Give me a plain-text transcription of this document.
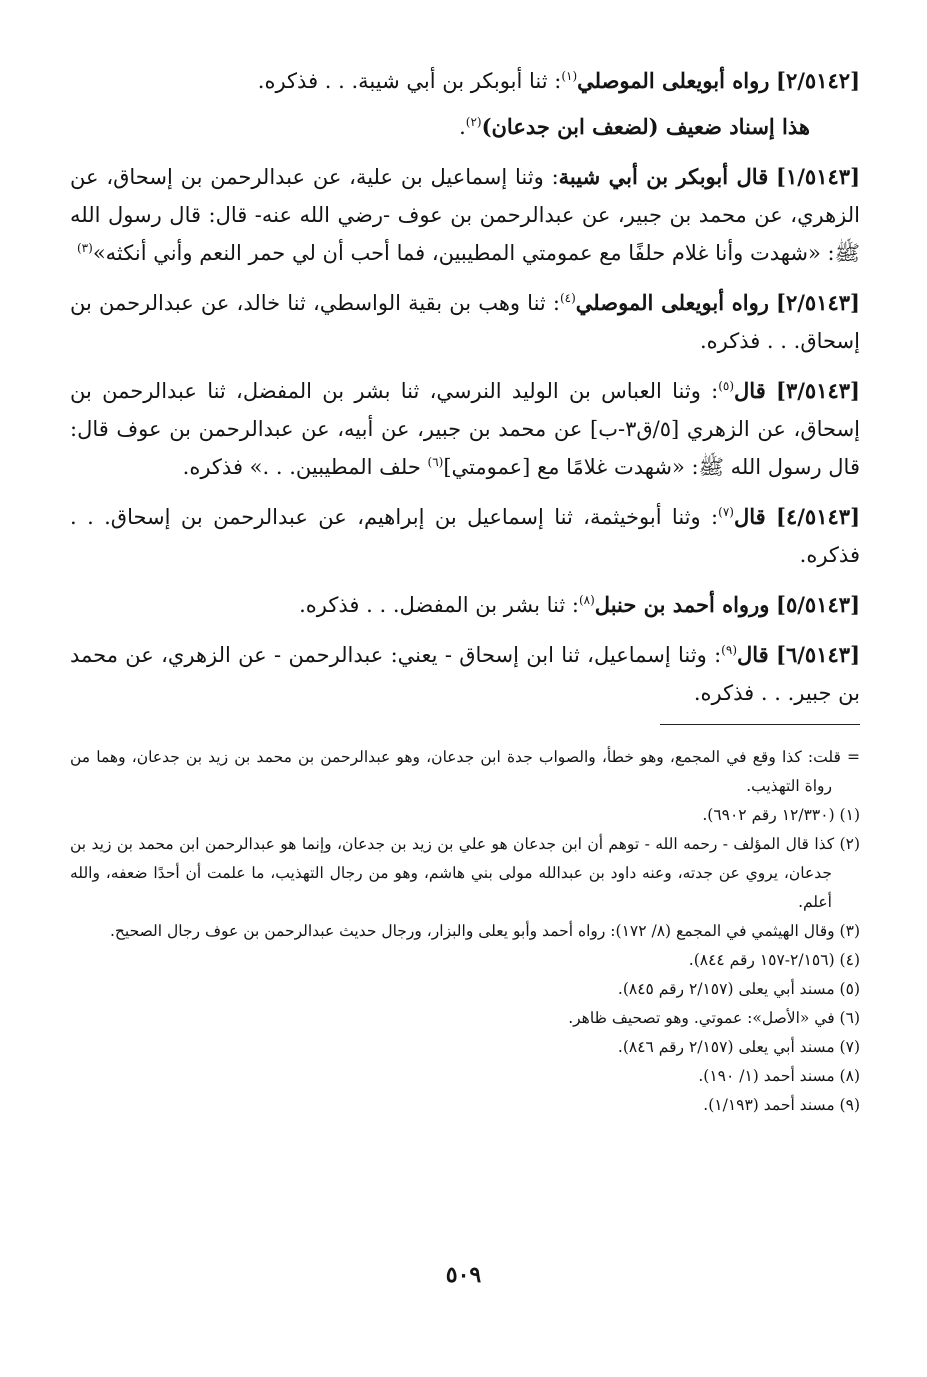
[٢/٥١٤٢] رواه أبويعلى الموصلي$^{(١)}$: ثنا أبوبكر بن أبي شيبة. . . فذكره.

هذا إسناد ضعيف (لضعف ابن جدعان)$^{(٢)}$.

[١/٥١٤٣] قال أبوبكر بن أبي شيبة: وثنا إسماعيل بن علية، عن عبدالرحمن بن إسحاق، عن الزهري، عن محمد بن جبير، عن عبدالرحمن بن عوف -رضي الله عنه- قال: قال رسول الله ﷺ: «شهدت وأنا غلام حلفًا مع عمومتي المطيبين، فما أحب أن لي حمر النعم وأني أنكثه»$^{(٣)}$

[٢/٥١٤٣] رواه أبويعلى الموصلي$^{(٤)}$: ثنا وهب بن بقية الواسطي، ثنا خالد، عن عبدالرحمن بن إسحاق. . . فذكره.

[٣/٥١٤٣] قال$^{(٥)}$: وثنا العباس بن الوليد النرسي، ثنا بشر بن المفضل، ثنا عبدالرحمن بن إسحاق، عن الزهري [٥/ق٣-ب] عن محمد بن جبير، عن أبيه، عن عبدالرحمن بن عوف قال: قال رسول الله ﷺ: «شهدت غلامًا مع [عمومتي]$^{(٦)}$ حلف المطيبين. . .» فذكره.

[٤/٥١٤٣] قال$^{(٧)}$: وثنا أبوخيثمة، ثنا إسماعيل بن إبراهيم، عن عبدالرحمن بن إسحاق. . . فذكره.

[٥/٥١٤٣] ورواه أحمد بن حنبل$^{(٨)}$: ثنا بشر بن المفضل. . . فذكره.

[٦/٥١٤٣] قال$^{(٩)}$: وثنا إسماعيل، ثنا ابن إسحاق - يعني: عبدالرحمن - عن الزهري، عن محمد بن جبير. . . فذكره.

= قلت: كذا وقع في المجمع، وهو خطأ، والصواب جدة ابن جدعان، وهو عبدالرحمن بن محمد بن زيد بن جدعان، وهما من رواة التهذيب.

(١) (١٢/٣٣٠ رقم ٦٩٠٢).

(٢) كذا قال المؤلف - رحمه الله - توهم أن ابن جدعان هو علي بن زيد بن جدعان، وإنما هو عبدالرحمن ابن محمد بن زيد بن جدعان، يروي عن جدته، وعنه داود بن عبدالله مولى بني هاشم، وهو من رجال التهذيب، ما علمت أن أحدًا ضعفه، والله أعلم.

(٣) وقال الهيثمي في المجمع (٨/ ١٧٢): رواه أحمد وأبو يعلى والبزار، ورجال حديث عبدالرحمن بن عوف رجال الصحيح.

(٤) (٢/١٥٦-١٥٧ رقم ٨٤٤).

(٥) مسند أبي يعلى (٢/١٥٧ رقم ٨٤٥).

(٦) في «الأصل»: عموتي. وهو تصحيف ظاهر.

(٧) مسند أبي يعلى (٢/١٥٧ رقم ٨٤٦).

(٨) مسند أحمد (١/ ١٩٠).

(٩) مسند أحمد (١/١٩٣).

٥٠٩
